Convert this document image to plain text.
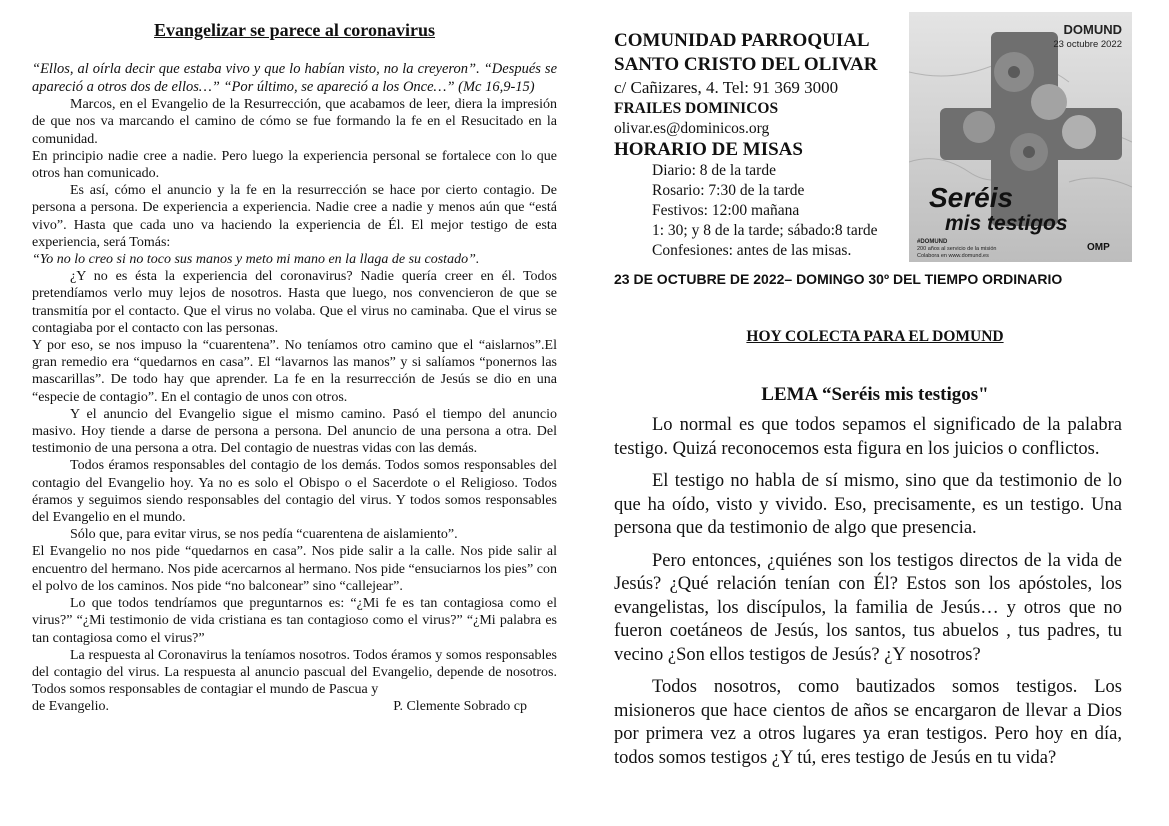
Evangelizar se parece al coronavirus

“Ellos, al oírla decir que estaba vivo y que lo habían visto, no la creyeron”. “Después se apareció a otros dos de ellos…” “Por último, se apareció a los Once…” (Mc 16,9-15)

Marcos, en el Evangelio de la Resurrección, que acabamos de leer, diera la impresión de que nos va marcando el camino de cómo se fue formando la fe en el Resucitado en la comunidad.

En principio nadie cree a nadie. Pero luego la experiencia personal se fortalece con lo que otros han comunicado.

Es así, cómo el anuncio y la fe en la resurrección se hace por cierto contagio. De persona a persona. De experiencia a experiencia. Nadie cree a nadie y menos aún que “está vivo”. Hasta que cada uno va haciendo la experiencia de Él. El mejor testigo de esta experiencia, será Tomás:

“Yo no lo creo si no toco sus manos y meto mi mano en la llaga de su costado”.

¿Y no es ésta la experiencia del coronavirus? Nadie quería creer en él. Todos pretendíamos verlo muy lejos de nosotros. Hasta que luego, nos convencieron de que se transmitía por el contacto. Que el virus no volaba. Que el virus no caminaba. Que el virus se contagiaba por el contacto con las personas.

Y por eso, se nos impuso la “cuarentena”. No teníamos otro camino que el “aislarnos”.El gran remedio era “quedarnos en casa”. El “lavarnos las manos” y si salíamos “ponernos las mascarillas”. De todo hay que aprender. La fe en la resurrección de Jesús se dio en una “especie de contagio”. En el contagio de unos con otros.

Y el anuncio del Evangelio sigue el mismo camino. Pasó el tiempo del anuncio masivo. Hoy tiende a darse de persona a persona. Del anuncio de una persona a otra. Del testimonio de una persona a otra. Del contagio de nuestras vidas con las demás.

Todos éramos responsables del contagio de los demás. Todos somos responsables del contagio del Evangelio hoy. Ya no es solo el Obispo o el Sacerdote o el Religioso. Todos éramos y seguimos siendo responsables del contagio del virus. Y todos somos responsables del Evangelio en el mundo.

Sólo que, para evitar virus, se nos pedía “cuarentena de aislamiento”.

El Evangelio no nos pide “quedarnos en casa”. Nos pide salir a la calle. Nos pide salir al encuentro del hermano. Nos pide acercarnos al hermano. Nos pide “ensuciarnos los pies” con el polvo de los caminos. Nos pide “no balconear” sino “callejear”.

Lo que todos tendríamos que preguntarnos es: “¿Mi fe es tan contagiosa como el virus?” “¿Mi testimonio de vida cristiana es tan contagioso como el virus?” “¿Mi palabra es tan contagiosa como el virus?”

La respuesta al Coronavirus la teníamos nosotros. Todos éramos y somos responsables del contagio del virus. La respuesta al anuncio pascual del Evangelio, depende de nosotros. Todos somos responsables de contagiar el mundo de Pascua y

de Evangelio.	P. Clemente Sobrado cp
COMUNIDAD PARROQUIAL
SANTO CRISTO DEL OLIVAR
c/ Cañizares, 4. Tel: 91 369 3000
FRAILES DOMINICOS
olivar.es@dominicos.org
HORARIO DE MISAS
Diario: 8 de la tarde
Rosario: 7:30 de la tarde
Festivos: 12:00 mañana
1: 30; y 8 de la tarde; sábado:8 tarde
Confesiones: antes de las misas.
DOMUND
23 octubre 2022
Seréis
mis testigos
#DOMUND
200 años al servicio de la misión
Colabora en www.domund.es
OMP
23 DE OCTUBRE DE 2022– DOMINGO 30º DEL TIEMPO ORDINARIO
HOY COLECTA PARA EL DOMUND
LEMA “Seréis mis testigos"

Lo normal es que todos sepamos el significado de la palabra testigo. Quizá reconocemos esta figura en los juicios o conflictos.

El testigo no habla de sí mismo, sino que da testimonio de lo que ha oído, visto y vivido. Eso, precisamente, es un testigo. Una persona que da testimonio de algo que presencia.

Pero entonces, ¿quiénes son los testigos directos de la vida de Jesús? ¿Qué relación tenían con Él? Estos son los apóstoles, los evangelistas, los discípulos, la familia de Jesús… y otros que no fueron coetáneos de Jesús, los santos, tus abuelos , tus padres, tu vecino ¿Son ellos testigos de Jesús? ¿Y nosotros?

Todos nosotros, como bautizados somos testigos. Los misioneros que hace cientos de años se encargaron de llevar a Dios por primera vez a otros lugares ya eran testigos. Pero hoy en día, todos somos testigos ¿Y tú, eres testigo de Jesús en tu vida?
